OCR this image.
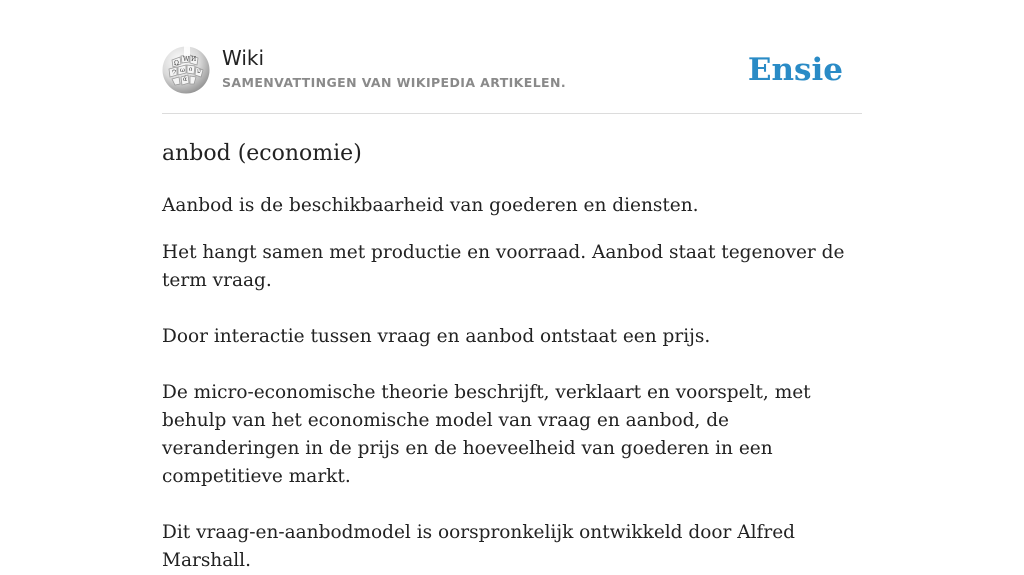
Ω
W И
ウ ω ი ש
ά
Wiki
SAMENVATTINGEN VAN WIKIPEDIA ARTIKELEN.	Ensie
anbod (economie)

Aanbod is de beschikbaarheid van goederen en diensten.

Het hangt samen met productie en voorraad. Aanbod staat tegenover de term vraag.

Door interactie tussen vraag en aanbod ontstaat een prijs.

De micro-economische theorie beschrijft, verklaart en voorspelt, met behulp van het economische model van vraag en aanbod, de veranderingen in de prijs en de hoeveelheid van goederen in een competitieve markt.

Dit vraag-en-aanbodmodel is oorspronkelijk ontwikkeld door Alfred Marshall.
